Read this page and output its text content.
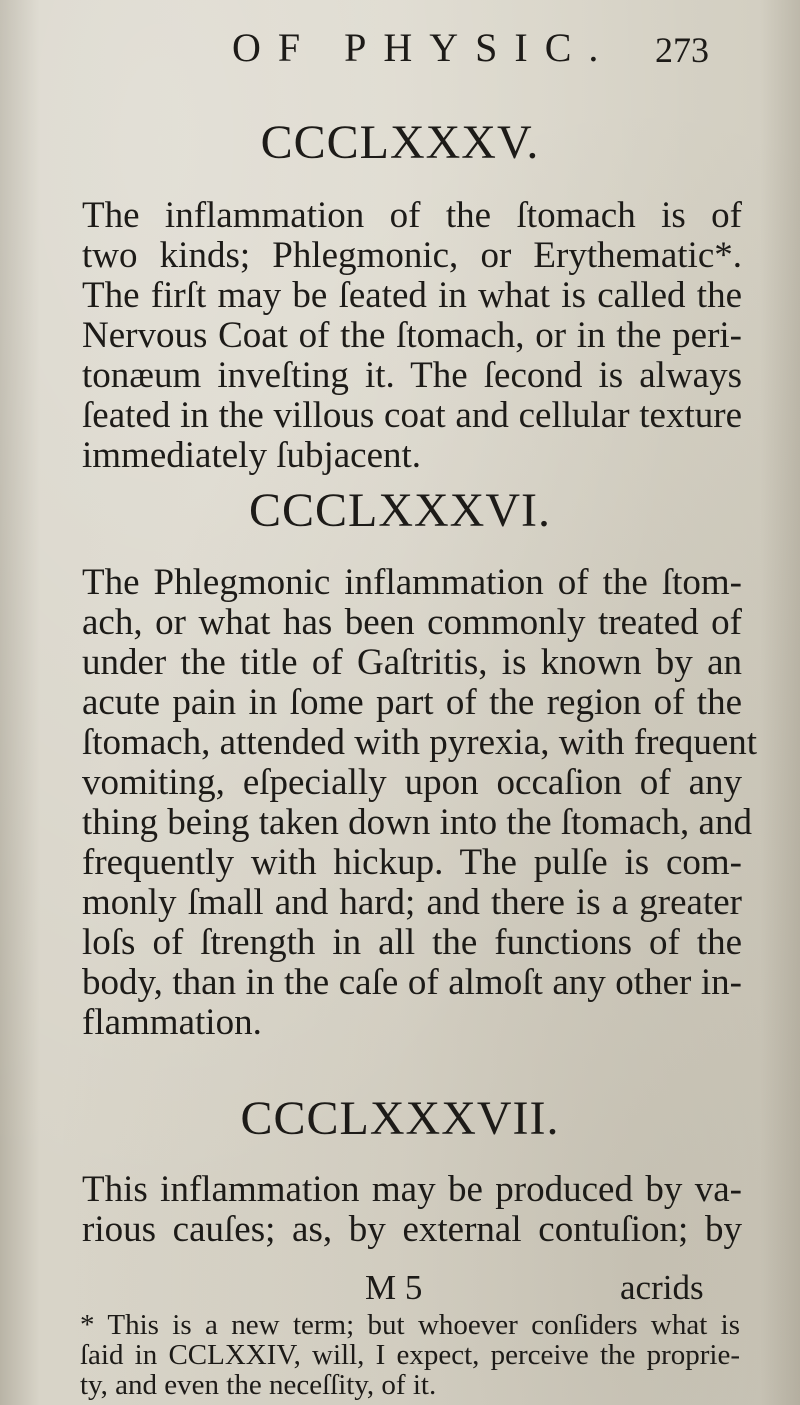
OF PHYSIC. 273
CCCLXXXV.
The inflammation of the ſtomach is of
two kinds; Phlegmonic, or Erythematic*.
The firſt may be ſeated in what is called the
Nervous Coat of the ſtomach, or in the peri-
tonæum inveſting it. The ſecond is always
ſeated in the villous coat and cellular texture
immediately ſubjacent.
CCCLXXXVI.
The Phlegmonic inflammation of the ſtom-
ach, or what has been commonly treated of
under the title of Gaſtritis, is known by an
acute pain in ſome part of the region of the
ſtomach, attended with pyrexia, with frequent
vomiting, eſpecially upon occaſion of any
thing being taken down into the ſtomach, and
frequently with hickup. The pulſe is com-
monly ſmall and hard; and there is a greater
loſs of ſtrength in all the functions of the
body, than in the caſe of almoſt any other in-
flammation.
CCCLXXXVII.
This inflammation may be produced by va-
rious cauſes; as, by external contuſion; by
M 5	acrids
* This is a new term; but whoever conſiders what is
ſaid in CCLXXIV, will, I expect, perceive the proprie-
ty, and even the neceſſity, of it.
